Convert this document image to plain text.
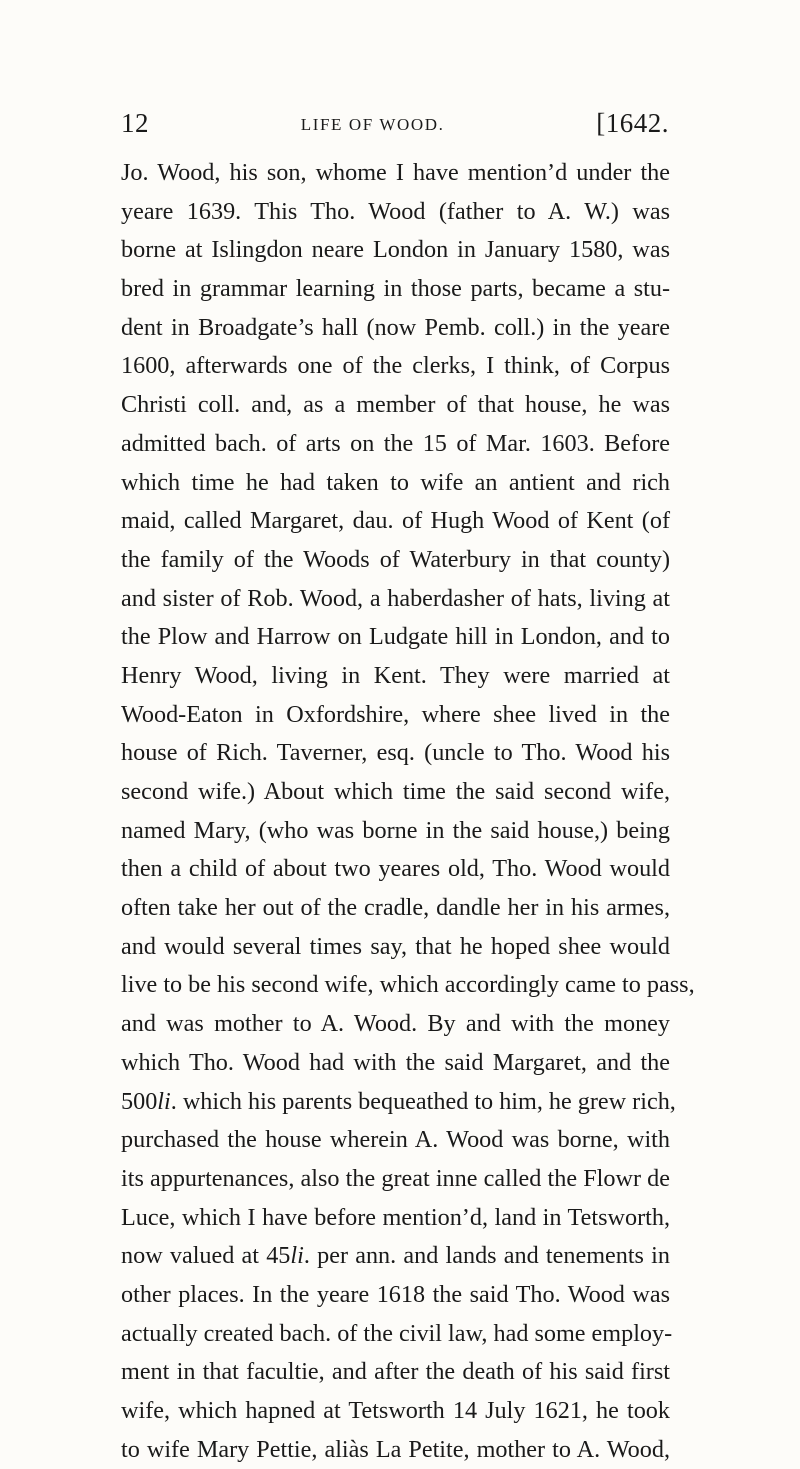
12	LIFE OF WOOD.	[1642.
Jo. Wood, his son, whome I have mention’d under the
yeare 1639. This Tho. Wood (father to A. W.) was
borne at Islingdon neare London in January 1580, was
bred in grammar learning in those parts, became a stu-
dent in Broadgate’s hall (now Pemb. coll.) in the yeare
1600, afterwards one of the clerks, I think, of Corpus
Christi coll. and, as a member of that house, he was
admitted bach. of arts on the 15 of Mar. 1603. Before
which time he had taken to wife an antient and rich
maid, called Margaret, dau. of Hugh Wood of Kent (of
the family of the Woods of Waterbury in that county)
and sister of Rob. Wood, a haberdasher of hats, living at
the Plow and Harrow on Ludgate hill in London, and to
Henry Wood, living in Kent. They were married at
Wood-Eaton in Oxfordshire, where shee lived in the
house of Rich. Taverner, esq. (uncle to Tho. Wood his
second wife.) About which time the said second wife,
named Mary, (who was borne in the said house,) being
then a child of about two yeares old, Tho. Wood would
often take her out of the cradle, dandle her in his armes,
and would several times say, that he hoped shee would
live to be his second wife, which accordingly came to pass,
and was mother to A. Wood. By and with the money
which Tho. Wood had with the said Margaret, and the
500li. which his parents bequeathed to him, he grew rich,
purchased the house wherein A. Wood was borne, with
its appurtenances, also the great inne called the Flowr de
Luce, which I have before mention’d, land in Tetsworth,
now valued at 45li. per ann. and lands and tenements in
other places. In the yeare 1618 the said Tho. Wood was
actually created bach. of the civil law, had some employ-
ment in that facultie, and after the death of his said first
wife, which hapned at Tetsworth 14 July 1621, he took
to wife Mary Pettie, aliàs La Petite, mother to A. Wood,
